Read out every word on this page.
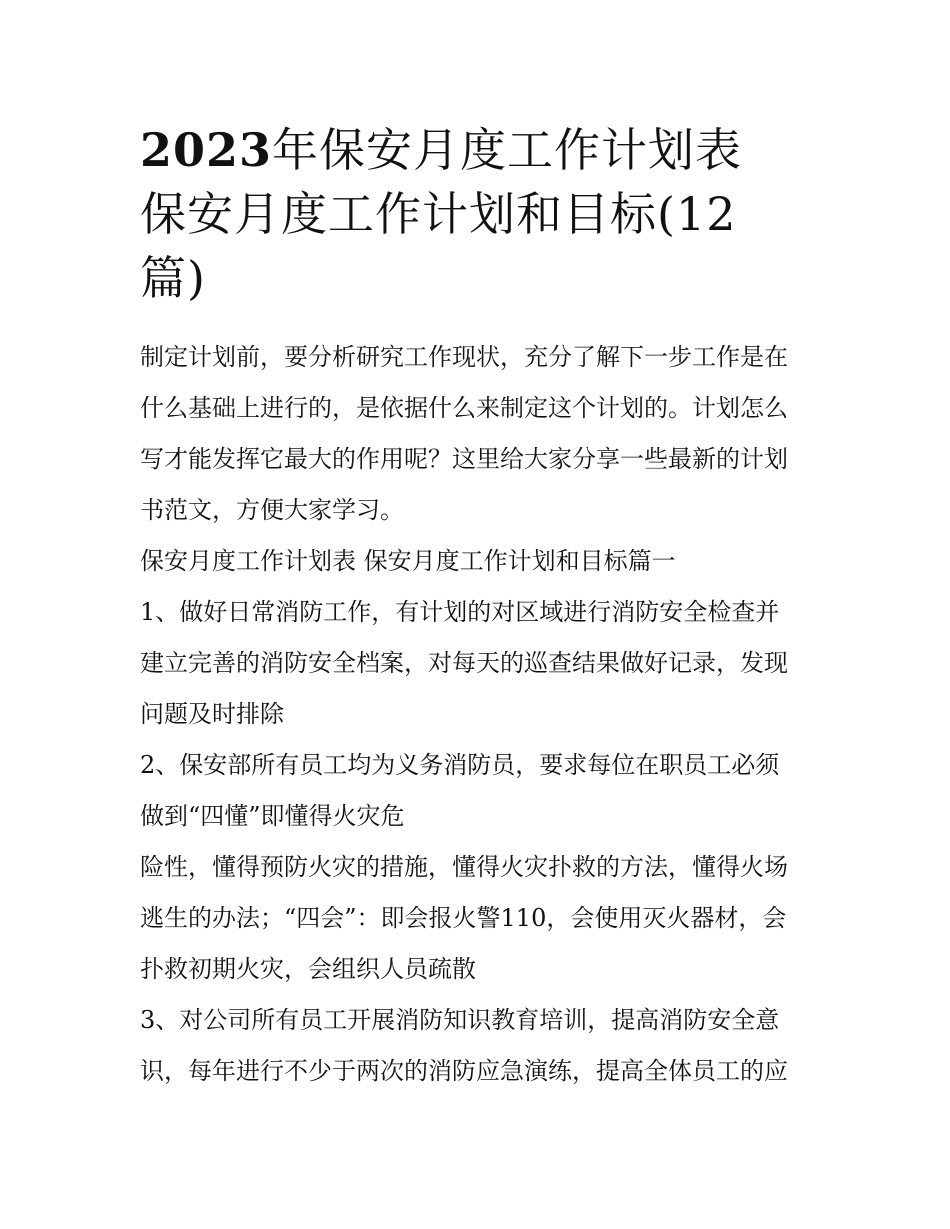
2023年保安月度工作计划表
保安月度工作计划和目标(12
篇)

制定计划前，要分析研究工作现状，充分了解下一步工作是在
什么基础上进行的，是依据什么来制定这个计划的。计划怎么
写才能发挥它最大的作用呢？这里给大家分享一些最新的计划
书范文，方便大家学习。

保安月度工作计划表 保安月度工作计划和目标篇一

1、做好日常消防工作，有计划的对区域进行消防安全检查并
建立完善的消防安全档案，对每天的巡查结果做好记录，发现
问题及时排除

2、保安部所有员工均为义务消防员，要求每位在职员工必须
做到“四懂”即懂得火灾危

险性，懂得预防火灾的措施，懂得火灾扑救的方法，懂得火场
逃生的办法；“四会”：即会报火警110，会使用灭火器材，会
扑救初期火灾，会组织人员疏散

3、对公司所有员工开展消防知识教育培训，提高消防安全意
识，每年进行不少于两次的消防应急演练，提高全体员工的应
